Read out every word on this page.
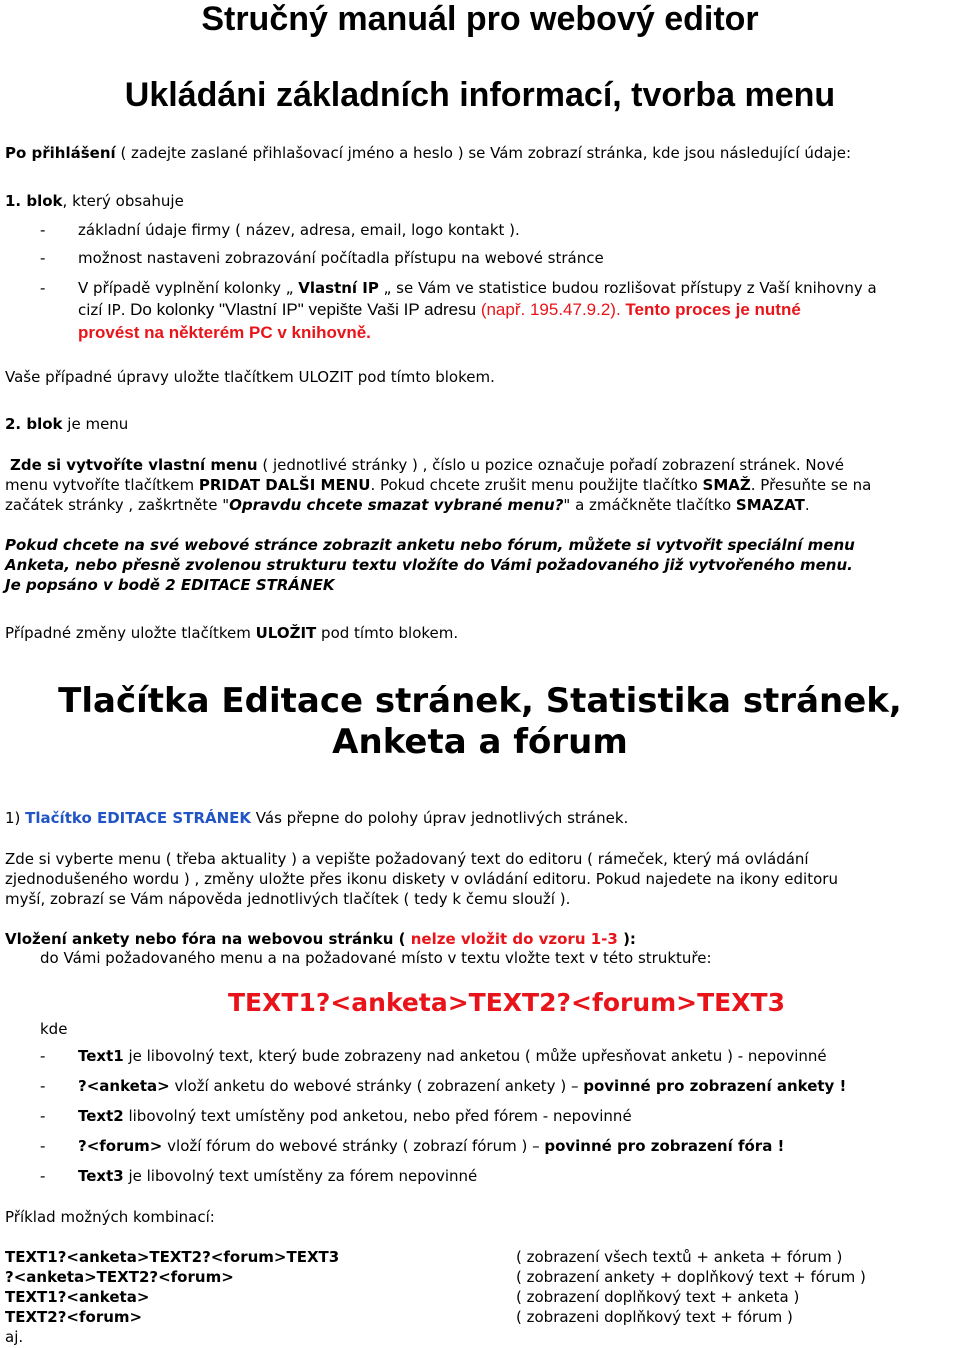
Stručný manuál pro webový editor
Ukládáni základních informací, tvorba menu
Po přihlášení ( zadejte zaslané přihlašovací jméno a heslo ) se Vám zobrazí stránka, kde jsou následující údaje:
1. blok, který obsahuje
- základní údaje firmy ( název, adresa, email, logo kontakt ).
- možnost nastaveni zobrazování počítadla přístupu na webové stránce
- V případě vyplnění kolonky „ Vlastní IP „ se Vám ve statistice budou rozlišovat přístupy z Vaší knihovny a
cizí IP. Do kolonky "Vlastní IP" vepište Vaši IP adresu (např. 195.47.9.2). Tento proces je nutné
provést na některém PC v knihovně.
Vaše případné úpravy uložte tlačítkem ULOZIT pod tímto blokem.
2. blok je menu
Zde si vytvoříte vlastní menu ( jednotlivé stránky ) , číslo u pozice označuje pořadí zobrazení stránek. Nové
menu vytvoříte tlačítkem PRIDAT DALŠI MENU. Pokud chcete zrušit menu použijte tlačítko SMAŽ. Přesuňte se na
začátek stránky , zaškrtněte "Opravdu chcete smazat vybrané menu?" a zmáčkněte tlačítko SMAZAT.
Pokud chcete na své webové stránce zobrazit anketu nebo fórum, můžete si vytvořit speciální menu
Anketa, nebo přesně zvolenou strukturu textu vložíte do Vámi požadovaného již vytvořeného menu.
Je popsáno v bodě 2 EDITACE STRÁNEK
Případné změny uložte tlačítkem ULOŽIT pod tímto blokem.
Tlačítka Editace stránek, Statistika stránek,
Anketa a fórum
1) Tlačítko EDITACE STRÁNEK Vás přepne do polohy úprav jednotlivých stránek.
Zde si vyberte menu ( třeba aktuality ) a vepište požadovaný text do editoru ( rámeček, který má ovládání
zjednodušeného wordu ) , změny uložte přes ikonu diskety v ovládání editoru. Pokud najedete na ikony editoru
myší, zobrazí se Vám nápověda jednotlivých tlačítek ( tedy k čemu slouží ).
Vložení ankety nebo fóra na webovou stránku ( nelze vložit do vzoru 1-3 ):
do Vámi požadovaného menu a na požadované místo v textu vložte text v této struktuře:
TEXT1?<anketa>TEXT2?<forum>TEXT3
kde
- Text1 je libovolný text, který bude zobrazeny nad anketou ( může upřesňovat anketu ) - nepovinné
- ?<anketa> vloží anketu do webové stránky ( zobrazení ankety ) – povinné pro zobrazení ankety !
- Text2 libovolný text umístěny pod anketou, nebo před fórem - nepovinné
- ?<forum> vloží fórum do webové stránky ( zobrazí fórum ) – povinné pro zobrazení fóra !
- Text3 je libovolný text umístěny za fórem nepovinné
Příklad možných kombinací:
TEXT1?<anketa>TEXT2?<forum>TEXT3	( zobrazení všech textů + anketa + fórum )
?<anketa>TEXT2?<forum>	( zobrazení ankety + doplňkový text + fórum )
TEXT1?<anketa>	( zobrazení doplňkový text + anketa )
TEXT2?<forum>	( zobrazeni doplňkový text + fórum )
aj.
